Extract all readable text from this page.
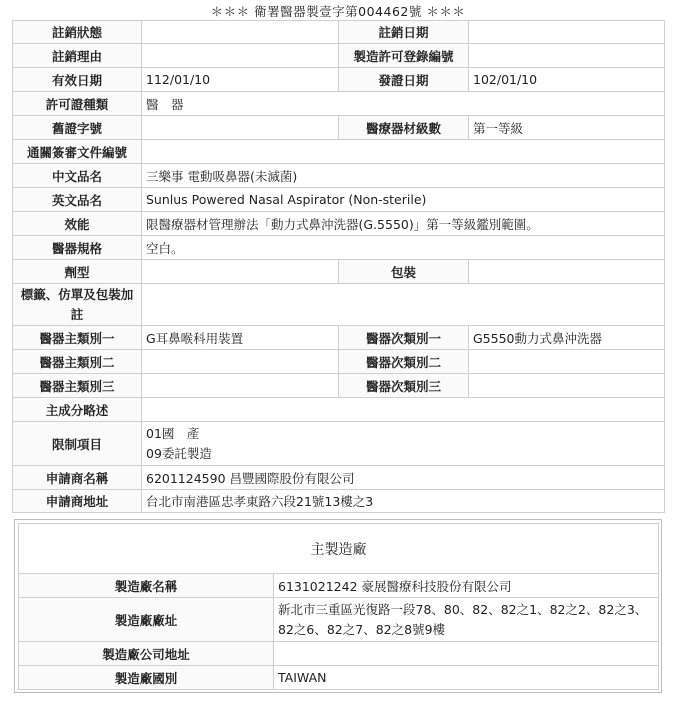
＊＊＊ 衛署醫器製壹字第004462號 ＊＊＊
註銷狀態		註銷日期	
註銷理由		製造許可登錄編號	
有效日期	112/01/10	發證日期	102/01/10
許可證種類	醫　器		
舊證字號		醫療器材級數	第一等級
通關簽審文件編號			
中文品名	三樂事 電動吸鼻器(未滅菌)		
英文品名	Sunlus Powered Nasal Aspirator (Non-sterile)		
效能	限醫療器材管理辦法「動力式鼻沖洗器(G.5550)」第一等級鑑別範圍。		
醫器規格	空白。		
劑型		包裝	
標籤、仿單及包裝加註			
醫器主類別一	G耳鼻喉科用裝置	醫器次類別一	G5550動力式鼻沖洗器
醫器主類別二		醫器次類別二	
醫器主類別三		醫器次類別三	
主成分略述			
限制項目	01國　產
09委託製造		

申請商名稱	6201124590 昌豐國際股份有限公司		
申請商地址	台北市南港區忠孝東路六段21號13樓之3		
主製造廠	
製造廠名稱	6131021242 豪展醫療科技股份有限公司
製造廠廠址	新北市三重區光復路一段78、80、82、82之1、82之2、82之3、
82之6、82之7、82之8號9樓

製造廠公司地址	
製造廠國別	TAIWAN
